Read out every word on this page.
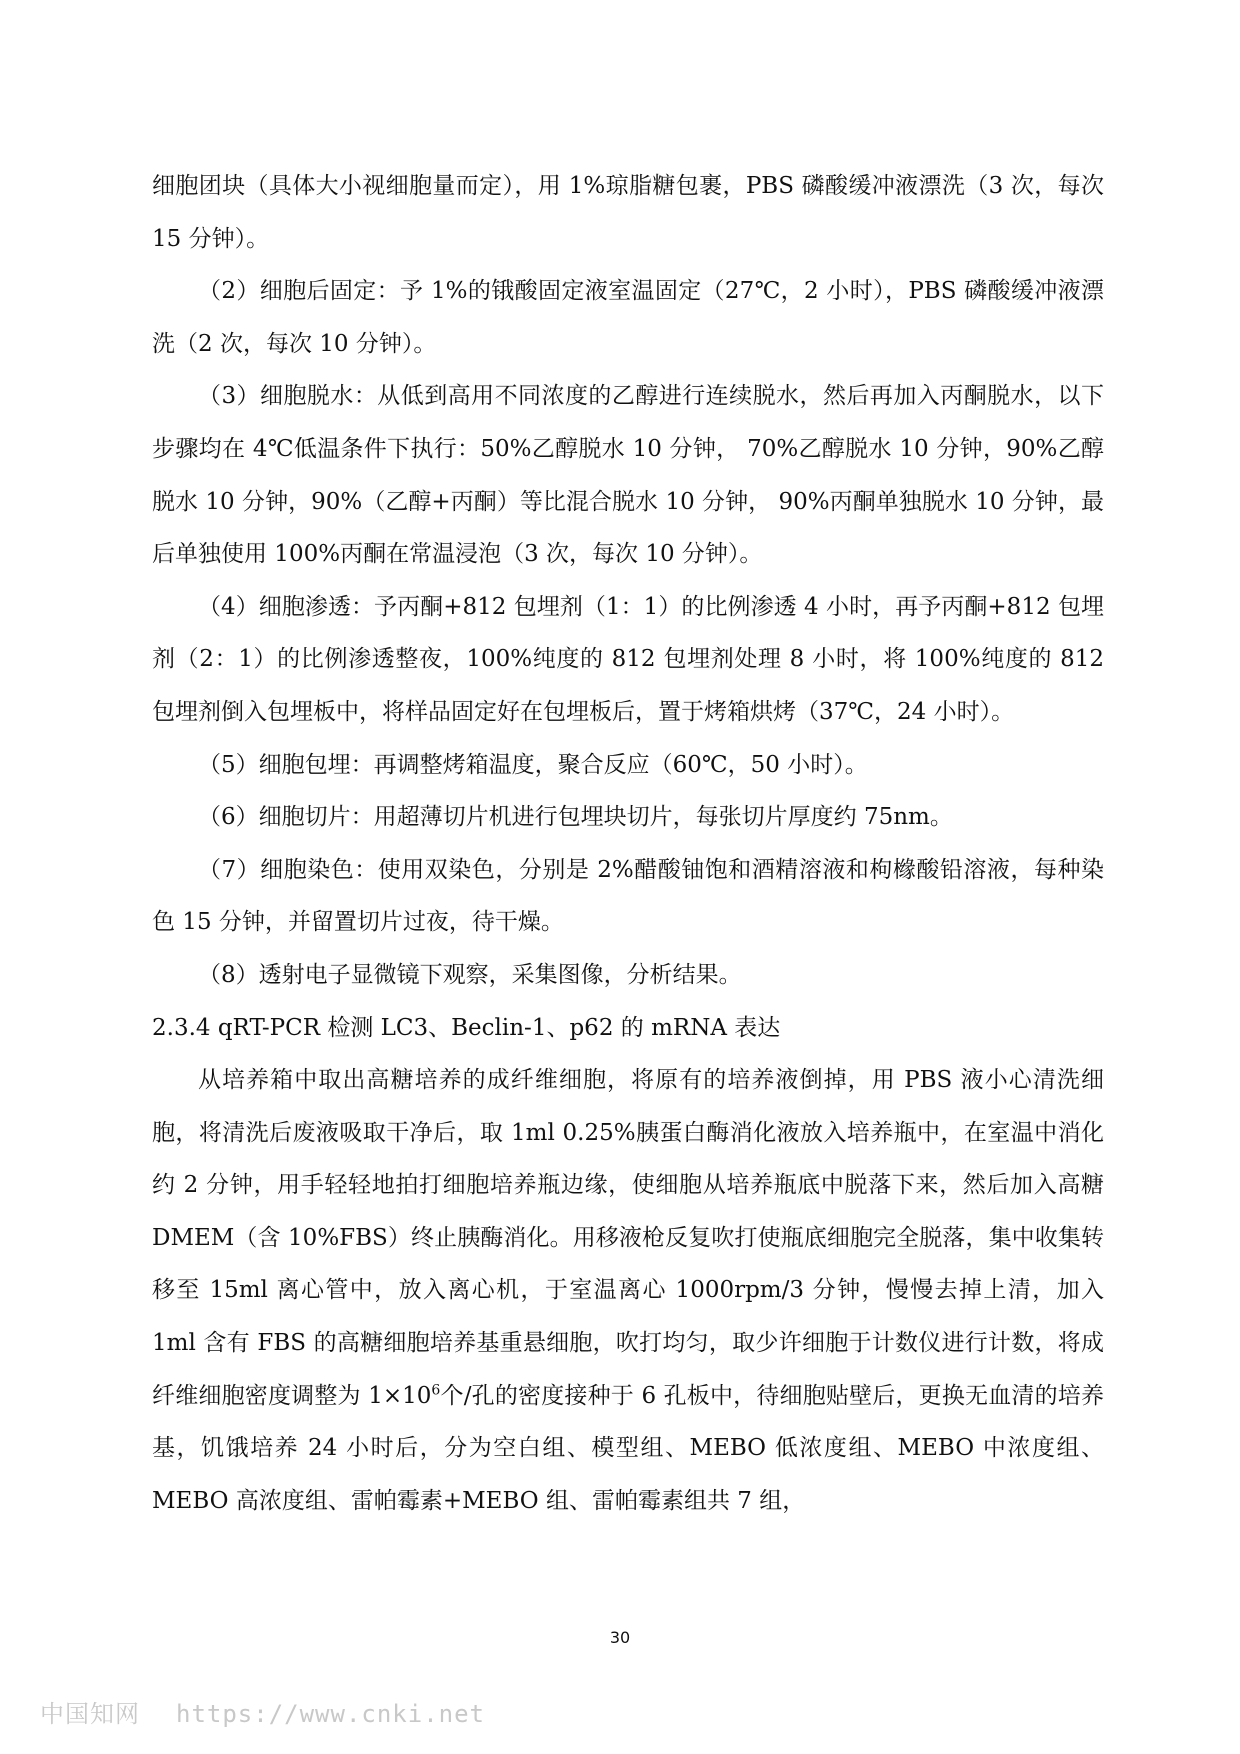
细胞团块（具体大小视细胞量而定），用 1%琼脂糖包裹，PBS 磷酸缓冲液漂洗（3 次，每次 15 分钟）。

（2）细胞后固定：予 1%的锇酸固定液室温固定（27℃，2 小时），PBS 磷酸缓冲液漂洗（2 次，每次 10 分钟）。

（3）细胞脱水：从低到高用不同浓度的乙醇进行连续脱水，然后再加入丙酮脱水，以下步骤均在 4℃低温条件下执行：50%乙醇脱水 10 分钟， 70%乙醇脱水 10 分钟，90%乙醇脱水 10 分钟，90%（乙醇+丙酮）等比混合脱水 10 分钟， 90%丙酮单独脱水 10 分钟，最后单独使用 100%丙酮在常温浸泡（3 次，每次 10 分钟）。

（4）细胞渗透：予丙酮+812 包埋剂（1：1）的比例渗透 4 小时，再予丙酮+812 包埋剂（2：1）的比例渗透整夜，100%纯度的 812 包埋剂处理 8 小时，将 100%纯度的 812 包埋剂倒入包埋板中，将样品固定好在包埋板后，置于烤箱烘烤（37℃，24 小时）。

（5）细胞包埋：再调整烤箱温度，聚合反应（60℃，50 小时）。

（6）细胞切片：用超薄切片机进行包埋块切片，每张切片厚度约 75nm。

（7）细胞染色：使用双染色，分别是 2%醋酸铀饱和酒精溶液和枸橼酸铅溶液，每种染色 15 分钟，并留置切片过夜，待干燥。

（8）透射电子显微镜下观察，采集图像，分析结果。

2.3.4 qRT-PCR 检测 LC3、Beclin-1、p62 的 mRNA 表达

从培养箱中取出高糖培养的成纤维细胞，将原有的培养液倒掉，用 PBS 液小心清洗细胞，将清洗后废液吸取干净后，取 1ml 0.25%胰蛋白酶消化液放入培养瓶中，在室温中消化约 2 分钟，用手轻轻地拍打细胞培养瓶边缘，使细胞从培养瓶底中脱落下来，然后加入高糖 DMEM（含 10%FBS）终止胰酶消化。用移液枪反复吹打使瓶底细胞完全脱落，集中收集转移至 15ml 离心管中，放入离心机，于室温离心 1000rpm/3 分钟，慢慢去掉上清，加入 1ml 含有 FBS 的高糖细胞培养基重悬细胞，吹打均匀，取少许细胞于计数仪进行计数，将成纤维细胞密度调整为 $1\times 10^6$个/孔的密度接种于 6 孔板中，待细胞贴壁后，更换无血清的培养基，饥饿培养 24 小时后，分为空白组、模型组、MEBO 低浓度组、MEBO 中浓度组、MEBO 高浓度组、雷帕霉素+MEBO 组、雷帕霉素组共 7 组，

30
中国知网 https://www.cnki.net
